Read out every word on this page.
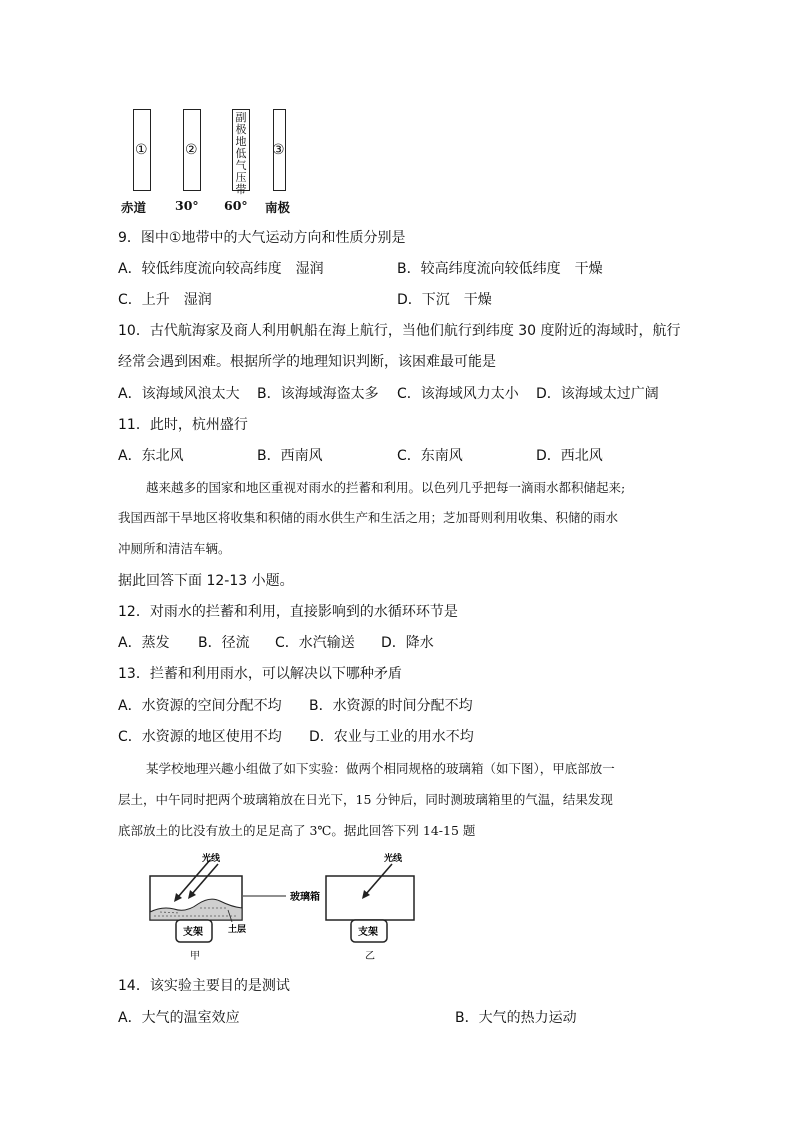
①	②
副极地低气压带
③
赤道 30° 60° 南极
9．图中①地带中的大气运动方向和性质分别是
A．较低纬度流向较高纬度　湿润	B．较高纬度流向较低纬度　干燥
C．上升　湿润	D．下沉　干燥
10．古代航海家及商人利用帆船在海上航行，当他们航行到纬度 30 度附近的海域时，航行
经常会遇到困难。根据所学的地理知识判断，该困难最可能是
A．该海域风浪太大 B．该海域海盗太多 C．该海域风力太小 D．该海域太过广阔
11．此时，杭州盛行
A．东北风	B．西南风	C．东南风	D．西北风
越来越多的国家和地区重视对雨水的拦蓄和利用。以色列几乎把每一滴雨水都积储起来;
我国西部干旱地区将收集和积储的雨水供生产和生活之用；芝加哥则利用收集、积储的雨水
冲厕所和清洁车辆。
据此回答下面 12-13 小题。
12．对雨水的拦蓄和利用，直接影响到的水循环环节是
A．蒸发 B．径流 C．水汽输送 D．降水
13．拦蓄和利用雨水，可以解决以下哪种矛盾
A．水资源的空间分配不均 B．水资源的时间分配不均
C．水资源的地区使用不均 D．农业与工业的用水不均
某学校地理兴趣小组做了如下实验：做两个相同规格的玻璃箱（如下图），甲底部放一
层土，中午同时把两个玻璃箱放在日光下，15 分钟后，同时测玻璃箱里的气温，结果发现
底部放土的比没有放土的足足高了 3℃。据此回答下列 14-15 题
光线
土层
支架
甲
玻璃箱
光线
支架
乙
14．该实验主要目的是测试
A．大气的温室效应	B．大气的热力运动
